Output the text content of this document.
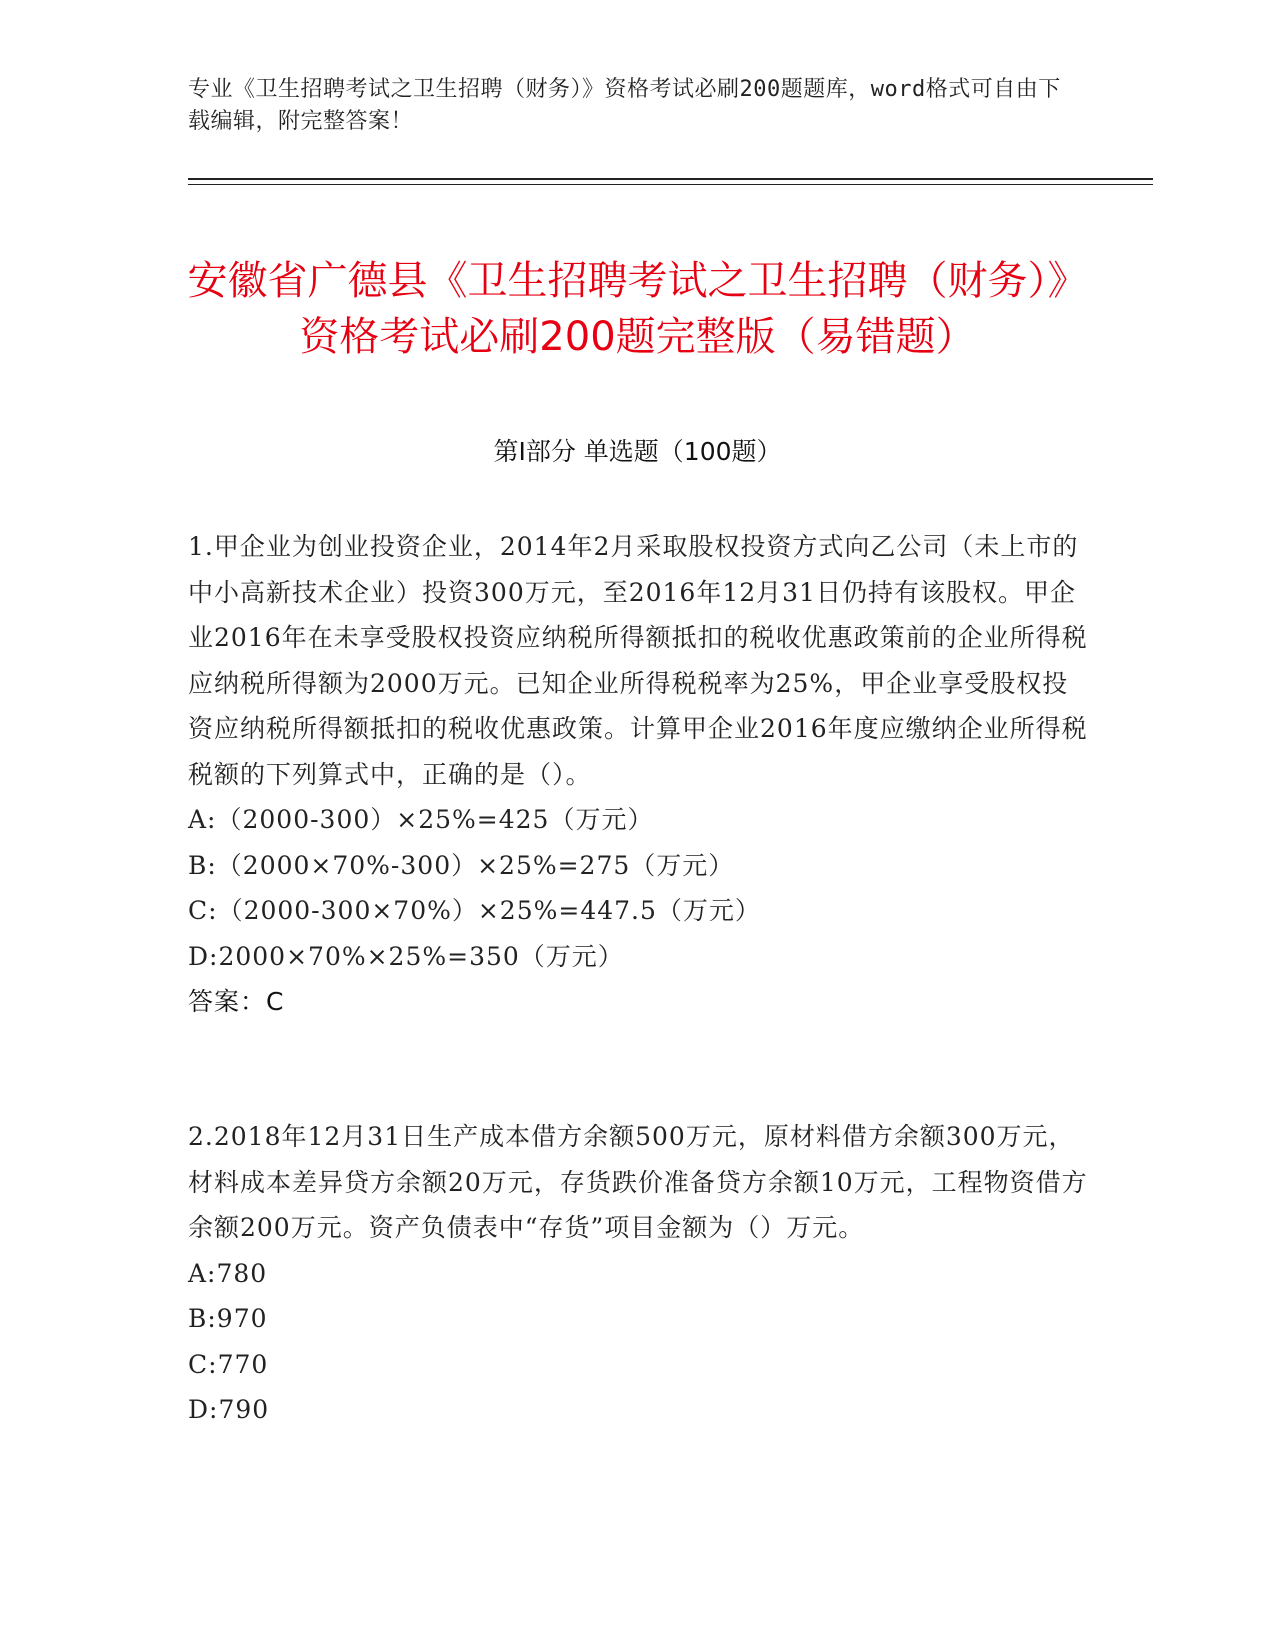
专业《卫生招聘考试之卫生招聘（财务）》资格考试必刷200题题库，word格式可自由下载编辑，附完整答案！
安徽省广德县《卫生招聘考试之卫生招聘（财务）》资格考试必刷200题完整版（易错题）
第Ⅰ部分 单选题（100题）

1.甲企业为创业投资企业，2014年2月采取股权投资方式向乙公司（未上市的中小高新技术企业）投资300万元，至2016年12月31日仍持有该股权。甲企业2016年在未享受股权投资应纳税所得额抵扣的税收优惠政策前的企业所得税应纳税所得额为2000万元。已知企业所得税税率为25%，甲企业享受股权投资应纳税所得额抵扣的税收优惠政策。计算甲企业2016年度应缴纳企业所得税税额的下列算式中，正确的是（）。

A: （2000-300）×25%=425（万元）

B: （2000×70%-300）×25%=275（万元）

C: （2000-300×70%）×25%=447.5（万元）

D: 2000×70%×25%=350（万元）

答案：C

2.2018年12月31日生产成本借方余额500万元，原材料借方余额300万元，材料成本差异贷方余额20万元，存货跌价准备贷方余额10万元，工程物资借方余额200万元。资产负债表中“存货”项目金额为（）万元。

A: 780

B: 970

C: 770

D: 790
